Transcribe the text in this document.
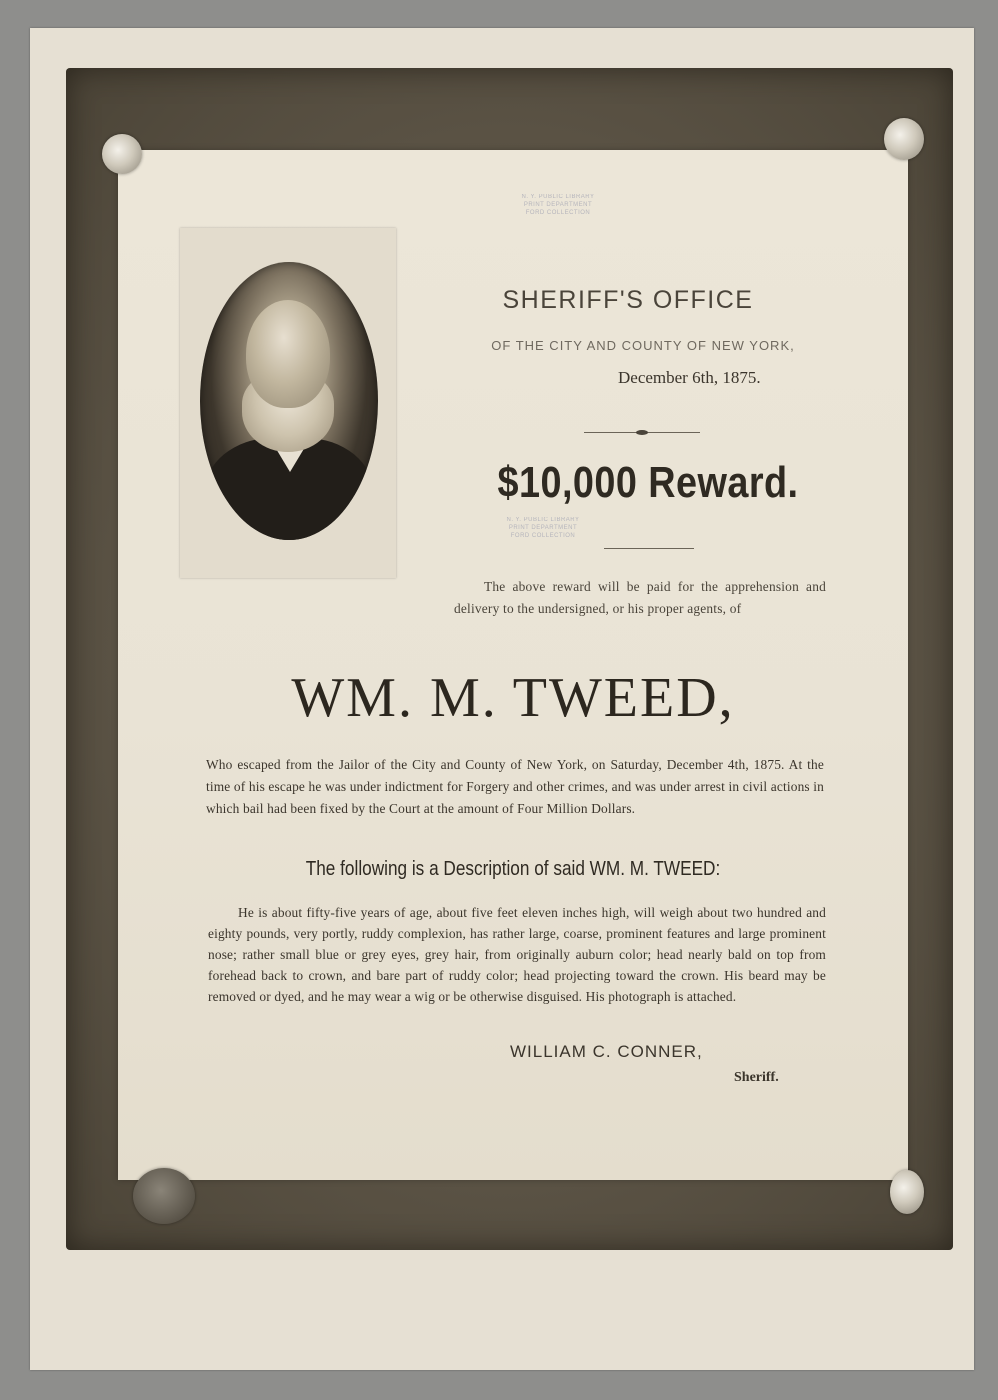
N. Y. PUBLIC LIBRARY
PRINT DEPARTMENT
FORD COLLECTION
SHERIFF'S OFFICE
OF THE CITY AND COUNTY OF NEW YORK,
December 6th, 1875.
$10,000 Reward.
N. Y. PUBLIC LIBRARY
PRINT DEPARTMENT
FORD COLLECTION
The above reward will be paid for the apprehension and delivery to the undersigned, or his proper agents, of
WM. M. TWEED,
Who escaped from the Jailor of the City and County of New York, on Saturday, December 4th, 1875. At the time of his escape he was under indictment for Forgery and other crimes, and was under arrest in civil actions in which bail had been fixed by the Court at the amount of Four Million Dollars.
The following is a Description of said WM. M. TWEED:
He is about fifty-five years of age, about five feet eleven inches high, will weigh about two hundred and eighty pounds, very portly, ruddy complexion, has rather large, coarse, prominent features and large prominent nose; rather small blue or grey eyes, grey hair, from originally auburn color; head nearly bald on top from forehead back to crown, and bare part of ruddy color; head projecting toward the crown. His beard may be removed or dyed, and he may wear a wig or be otherwise disguised. His photograph is attached.
WILLIAM C. CONNER,
Sheriff.
